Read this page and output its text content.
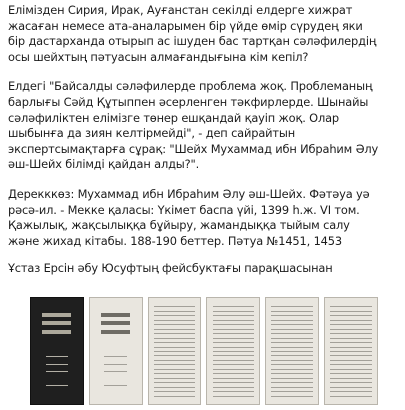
Елімізден Сирия, Ирак, Ауғанстан секілді елдерге хижрат
жасаған немесе ата-аналарымен бір үйде өмір сүрудең яки
бір дастарханда отырып ас ішуден бас тартқан сәләфилердің
осы шейхтың пәтуасын алмағандығына кім кепіл?

Елдегі "Байсалды сәләфилерде проблема жоқ. Проблеманың
барлығы Сәйд Құтыппен әсерленген тәкфирлерде. Шынайы
сәләфиліктен елімізге төнер ешқандай қауіп жоқ. Олар
шыбынға да зиян келтірмейді", - деп сайрайтын
экспертсымақтарға сұрақ: "Шейх Мухаммад ибн Ибраһим Әлу
әш-Шейх білімді қайдан алды?".

Дерекккөз: Мухаммад ибн Ибраһим Әлу әш-Шейх. Фәтәуа уә
рәсә-ил. - Мекке қаласы: Үкімет баспа үйі, 1399 h.ж. VI том.
Қажылық, жақсылыққа бұйыру, жамандыққа тыйым салу
және жихад кітабы. 188-190 беттер. Пәтуа №1451, 1453

Ұстаз Ерсін әбу Юсуфтың фейсбуктағы парақшасынан
